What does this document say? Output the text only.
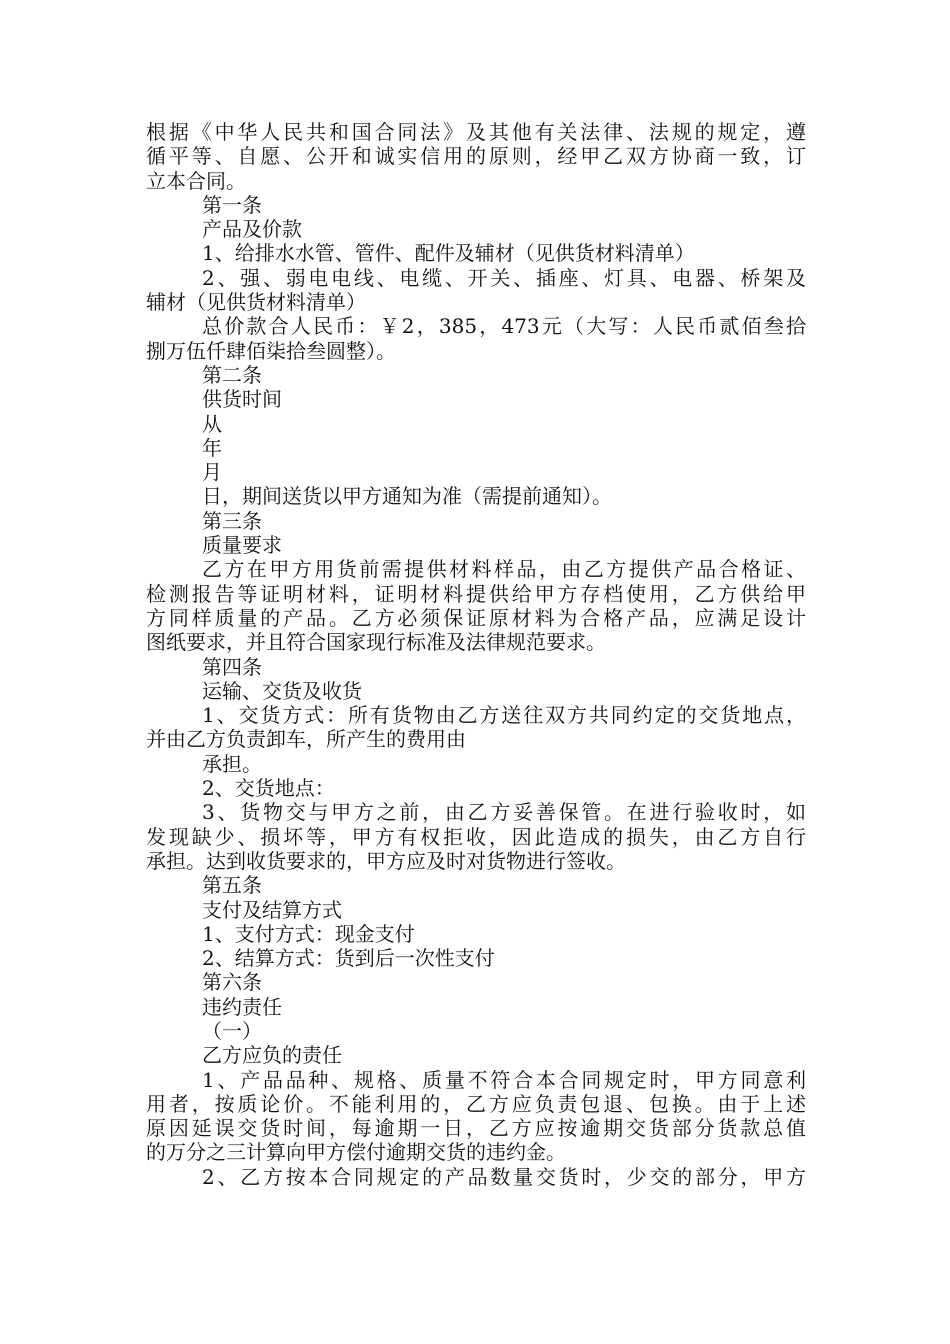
根据《中华人民共和国合同法》及其他有关法律、法规的规定，遵
循平等、自愿、公开和诚实信用的原则，经甲乙双方协商一致，订
立本合同。
第一条
产品及价款
1、给排水水管、管件、配件及辅材（见供货材料清单）
2、强、弱电电线、电缆、开关、插座、灯具、电器、桥架及
辅材（见供货材料清单）
总价款合人民币：￥2，385，473元（大写：人民币贰佰叁拾
捌万伍仟肆佰柒拾叁圆整）。
第二条
供货时间
从
年
月
日，期间送货以甲方通知为准（需提前通知）。
第三条
质量要求
乙方在甲方用货前需提供材料样品，由乙方提供产品合格证、
检测报告等证明材料，证明材料提供给甲方存档使用，乙方供给甲
方同样质量的产品。乙方必须保证原材料为合格产品，应满足设计
图纸要求，并且符合国家现行标准及法律规范要求。
第四条
运输、交货及收货
1、交货方式：所有货物由乙方送往双方共同约定的交货地点，
并由乙方负责卸车，所产生的费用由
承担。
2、交货地点：
3、货物交与甲方之前，由乙方妥善保管。在进行验收时，如
发现缺少、损坏等，甲方有权拒收，因此造成的损失，由乙方自行
承担。达到收货要求的，甲方应及时对货物进行签收。
第五条
支付及结算方式
1、支付方式：现金支付
2、结算方式：货到后一次性支付
第六条
违约责任
（一）
乙方应负的责任
1、产品品种、规格、质量不符合本合同规定时，甲方同意利
用者，按质论价。不能利用的，乙方应负责包退、包换。由于上述
原因延误交货时间，每逾期一日，乙方应按逾期交货部分货款总值
的万分之三计算向甲方偿付逾期交货的违约金。
2、乙方按本合同规定的产品数量交货时，少交的部分，甲方
